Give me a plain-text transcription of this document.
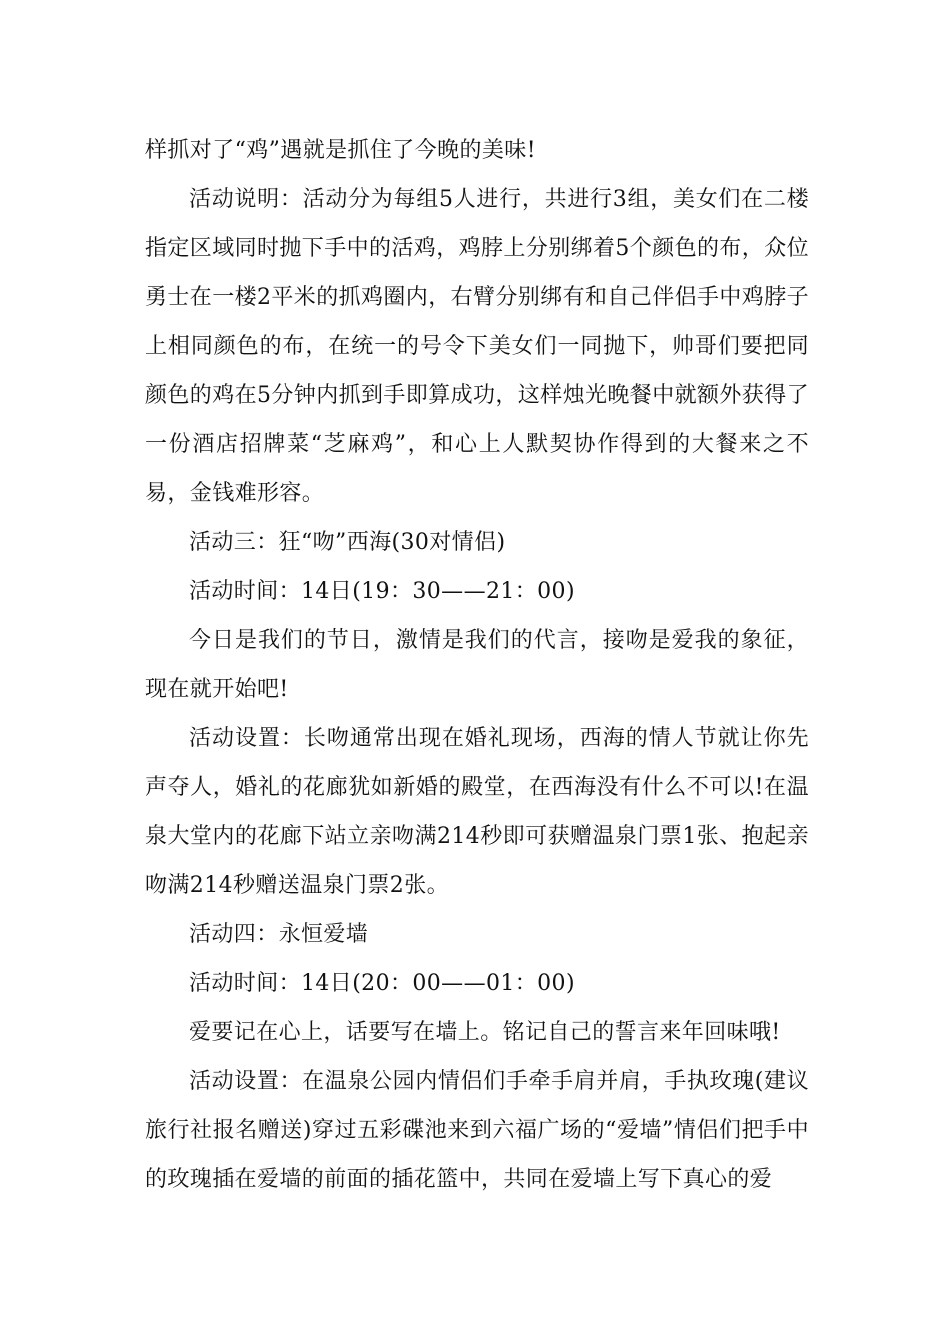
样抓对了“鸡”遇就是抓住了今晚的美味!

活动说明：活动分为每组5人进行，共进行3组，美女们在二楼指定区域同时抛下手中的活鸡，鸡脖上分别绑着5个颜色的布，众位勇士在一楼2平米的抓鸡圈内，右臂分别绑有和自己伴侣手中鸡脖子上相同颜色的布，在统一的号令下美女们一同抛下，帅哥们要把同颜色的鸡在5分钟内抓到手即算成功，这样烛光晚餐中就额外获得了一份酒店招牌菜“芝麻鸡”，和心上人默契协作得到的大餐来之不易，金钱难形容。

活动三：狂“吻”西海(30对情侣)

活动时间：14日(19：30——21：00)

今日是我们的节日，激情是我们的代言，接吻是爱我的象征，现在就开始吧!

活动设置：长吻通常出现在婚礼现场，西海的情人节就让你先声夺人，婚礼的花廊犹如新婚的殿堂，在西海没有什么不可以!在温泉大堂内的花廊下站立亲吻满214秒即可获赠温泉门票1张、抱起亲吻满214秒赠送温泉门票2张。

活动四：永恒爱墙

活动时间：14日(20：00——01：00)

爱要记在心上，话要写在墙上。铭记自己的誓言来年回味哦!

活动设置：在温泉公园内情侣们手牵手肩并肩，手执玫瑰(建议旅行社报名赠送)穿过五彩碟池来到六福广场的“爱墙”情侣们把手中的玫瑰插在爱墙的前面的插花篮中，共同在爱墙上写下真心的爱
